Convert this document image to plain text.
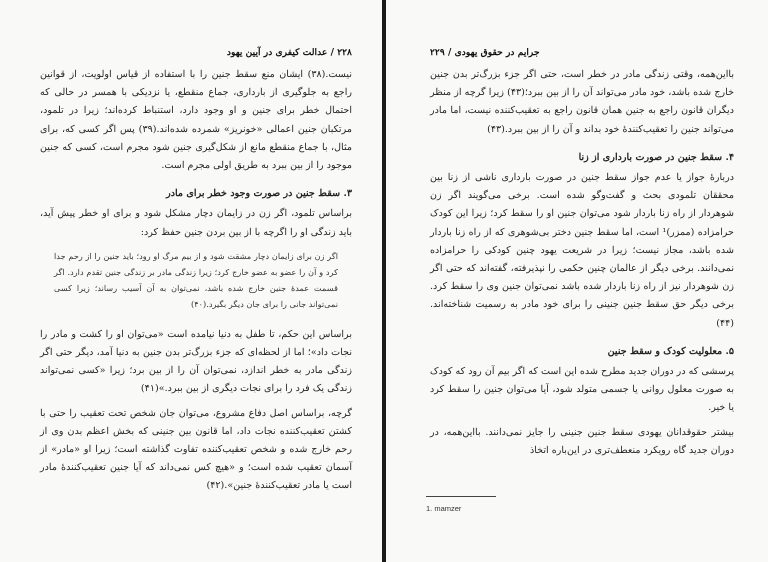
۲۲۸ / عدالت کیفری در آیین یهود

نیست.(۳۸) ایشان منع سقط جنین را با استفاده از قیاس اولویت، از قوانین راجع به جلوگیری از بارداری، جماع منقطع، یا نزدیکی با همسر در حالی که احتمال خطر برای جنین و او وجود دارد، استنباط کرده‌اند؛ زیرا در تلمود، مرتکبان جنین اعمالی «خونریز» شمرده شده‌اند.(۳۹) پس اگر کسی که، برای مثال، با جماع منقطع مانع از شکل‌گیری جنین شود مجرم است، کسی که جنین موجود را از بین ببرد به طریق اولی مجرم است.

۳. سقط جنین در صورت وجود خطر برای مادر

براساس تلمود، اگر زن در زایمان دچار مشکل شود و برای او خطر پیش آید، باید زندگی او را اگرچه با از بین بردن جنین حفظ کرد:

اگر زن برای زایمان دچار مشقت شود و از بیم مرگ او رود؛ باید جنین را از رحم جدا کرد و آن را عضو به عضو خارج کرد؛ زیرا زندگی مادر بر زندگی جنین تقدم دارد. اگر قسمت عمدهٔ جنین خارج شده باشد، نمی‌توان به آن آسیب رساند؛ زیرا کسی نمی‌تواند جانی را برای جان دیگر بگیرد.(۴۰)

براساس این حکم، تا طفل به دنیا نیامده است «می‌توان او را کشت و مادر را نجات داد»؛ اما از لحظه‌ای که جزء بزرگ‌تر بدن جنین به دنیا آمد، دیگر حتی اگر زندگی مادر به خطر اندازد، نمی‌توان آن را از بین برد؛ زیرا «کسی نمی‌تواند زندگی یک فرد را برای نجات دیگری از بین ببرد.»(۴۱)

گرچه، براساس اصل دفاع مشروع، می‌توان جان شخص تحت تعقیب را حتی با کشتن تعقیب‌کننده نجات داد، اما قانون بین جنینی که بخش اعظم بدن وی از رحم خارج شده و شخص تعقیب‌کننده تفاوت گذاشته است؛ زیرا او «مادر» از آسمان تعقیب شده است؛ و «هیچ کس نمی‌داند که آیا جنین تعقیب‌کنندهٔ مادر است یا مادر تعقیب‌کنندهٔ جنین».(۴۲)

جرایم در حقوق یهودی / ۲۲۹

بااین‌همه، وقتی زندگی مادر در خطر است، حتی اگر جزء بزرگ‌تر بدن جنین خارج شده باشد، خود مادر می‌تواند آن را از بین ببرد؛(۴۳) زیرا گرچه از منظر دیگران قانون راجع به جنین همان قانون راجع به تعقیب‌کننده نیست، اما مادر می‌تواند جنین را تعقیب‌کنندهٔ خود بداند و آن را از بین ببرد.(۴۳)

۴. سقط جنین در صورت بارداری از زنا

دربارهٔ جواز یا عدم جواز سقط جنین در صورت بارداری ناشی از زنا بین محققان تلمودی بحث و گفت‌وگو شده است. برخی می‌گویند اگر زن شوهردار از راه زنا باردار شود می‌توان جنین او را سقط کرد؛ زیرا این کودک حرامزاده (ممزر)¹ است، اما سقط جنین دختر بی‌شوهری که از راه زنا باردار شده باشد، مجاز نیست؛ زیرا در شریعت یهود چنین کودکی را حرامزاده نمی‌دانند. برخی دیگر از عالمان چنین حکمی را نپذیرفته، گفته‌اند که حتی اگر زن شوهردار نیز از راه زنا باردار شده باشد نمی‌توان جنین وی را سقط کرد. برخی دیگر حق سقط جنین جنینی را برای خود مادر به رسمیت شناخته‌اند.(۴۴)

۵. معلولیت کودک و سقط جنین

پرسشی که در دوران جدید مطرح شده این است که اگر بیم آن رود که کودک به صورت معلول روانی یا جسمی متولد شود، آیا می‌توان جنین را سقط کرد یا خیر.

بیشتر حقوقدانان یهودی سقط جنین جنینی را جایز نمی‌دانند. بااین‌همه، در دوران جدید گاه رویکرد منعطف‌تری در این‌باره اتخاذ

1. mamzer
